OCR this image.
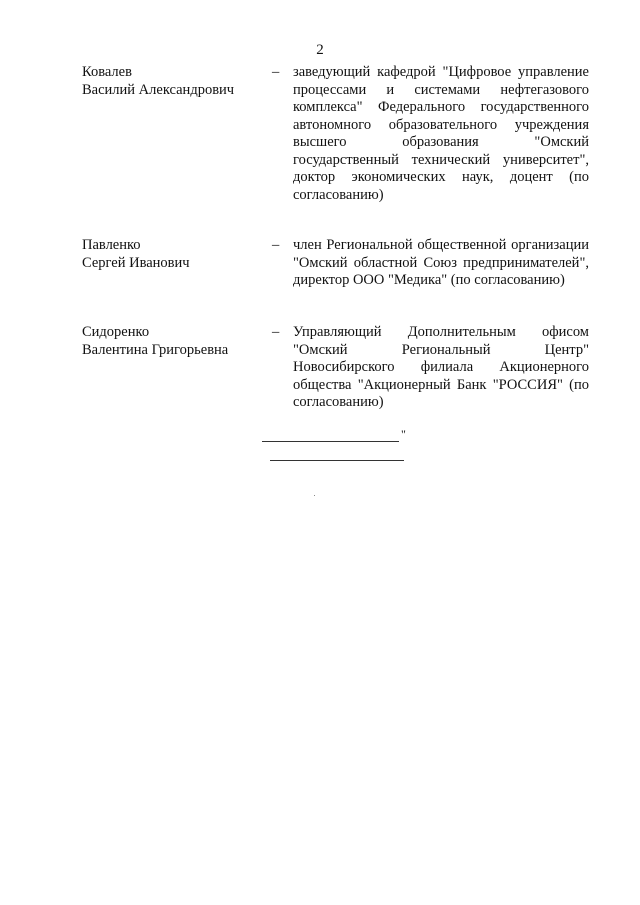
2
Ковалев
Василий Александрович
– заведующий кафедрой "Цифровое управление процессами и системами нефтегазового комплекса" Федерального государственного автономного образовательного учреждения высшего образования "Омский государственный технический университет", доктор экономических наук, доцент (по согласованию)
Павленко
Сергей Иванович
– член Региональной общественной организации "Омский областной Союз предпринимателей", директор ООО "Медика" (по согласованию)
Сидоренко
Валентина Григорьевна
– Управляющий Дополнительным офисом "Омский Региональный Центр" Новосибирского филиала Акционерного общества "Акционерный Банк "РОССИЯ" (по согласованию)
"
